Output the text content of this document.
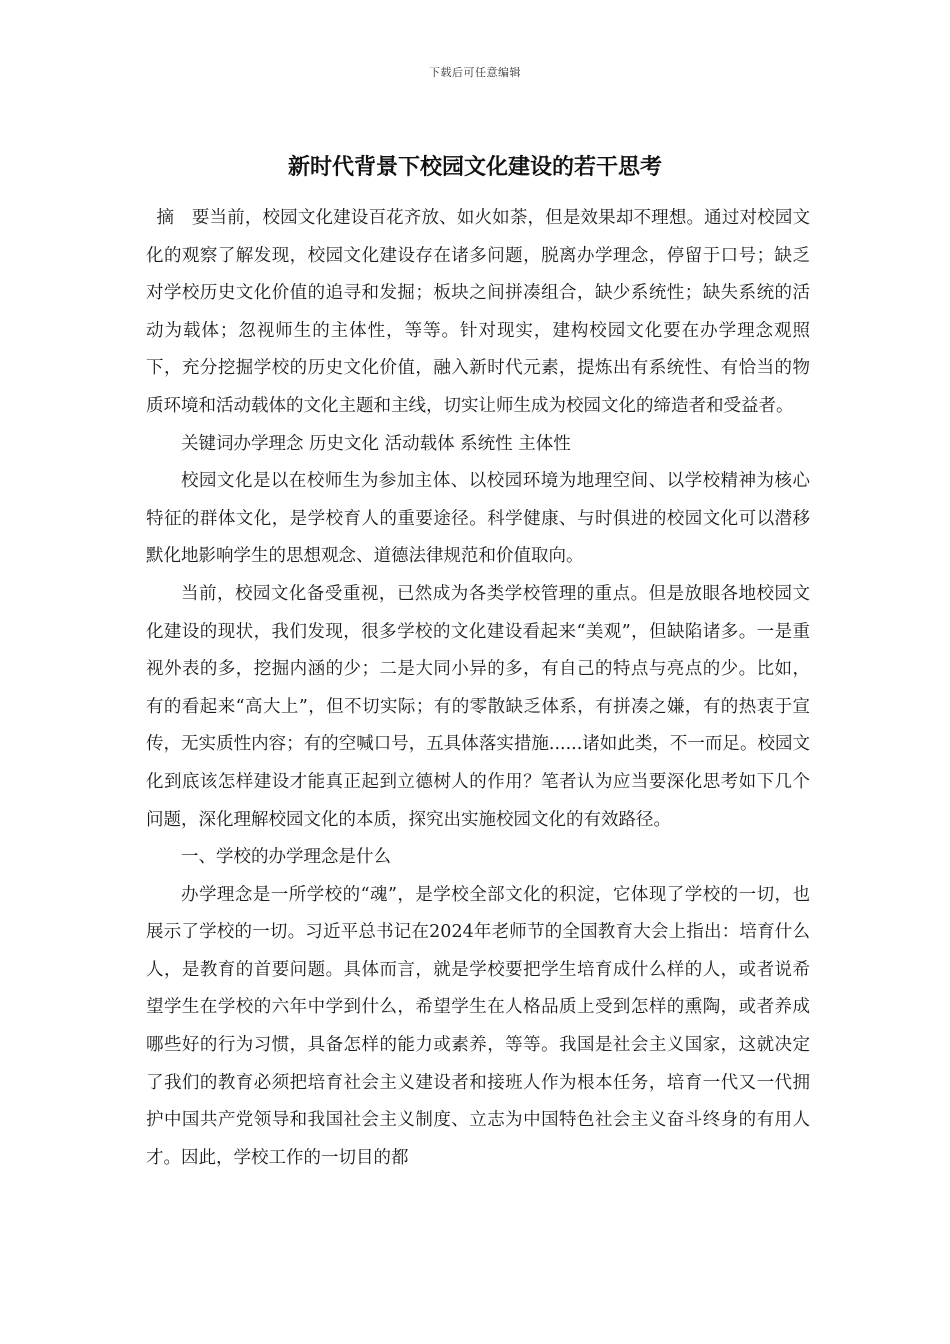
下载后可任意编辑
新时代背景下校园文化建设的若干思考

摘　要当前，校园文化建设百花齐放、如火如荼，但是效果却不理想。通过对校园文化的观察了解发现，校园文化建设存在诸多问题，脱离办学理念，停留于口号；缺乏对学校历史文化价值的追寻和发掘；板块之间拼凑组合，缺少系统性；缺失系统的活动为载体；忽视师生的主体性，等等。针对现实，建构校园文化要在办学理念观照下，充分挖掘学校的历史文化价值，融入新时代元素，提炼出有系统性、有恰当的物质环境和活动载体的文化主题和主线，切实让师生成为校园文化的缔造者和受益者。

关键词办学理念 历史文化 活动载体 系统性 主体性

校园文化是以在校师生为参加主体、以校园环境为地理空间、以学校精神为核心特征的群体文化，是学校育人的重要途径。科学健康、与时俱进的校园文化可以潜移默化地影响学生的思想观念、道德法律规范和价值取向。

当前，校园文化备受重视，已然成为各类学校管理的重点。但是放眼各地校园文化建设的现状，我们发现，很多学校的文化建设看起来“美观”，但缺陷诸多。一是重视外表的多，挖掘内涵的少；二是大同小异的多，有自己的特点与亮点的少。比如，有的看起来“高大上”，但不切实际；有的零散缺乏体系，有拼凑之嫌，有的热衷于宣传，无实质性内容；有的空喊口号，五具体落实措施......诸如此类，不一而足。校园文化到底该怎样建设才能真正起到立德树人的作用？笔者认为应当要深化思考如下几个问题，深化理解校园文化的本质，探究出实施校园文化的有效路径。

一、学校的办学理念是什么

办学理念是一所学校的“魂”，是学校全部文化的积淀，它体现了学校的一切，也展示了学校的一切。习近平总书记在2024年老师节的全国教育大会上指出：培育什么人，是教育的首要问题。具体而言，就是学校要把学生培育成什么样的人，或者说希望学生在学校的六年中学到什么，希望学生在人格品质上受到怎样的熏陶，或者养成哪些好的行为习惯，具备怎样的能力或素养，等等。我国是社会主义国家，这就决定了我们的教育必须把培育社会主义建设者和接班人作为根本任务，培育一代又一代拥护中国共产党领导和我国社会主义制度、立志为中国特色社会主义奋斗终身的有用人才。因此，学校工作的一切目的都
